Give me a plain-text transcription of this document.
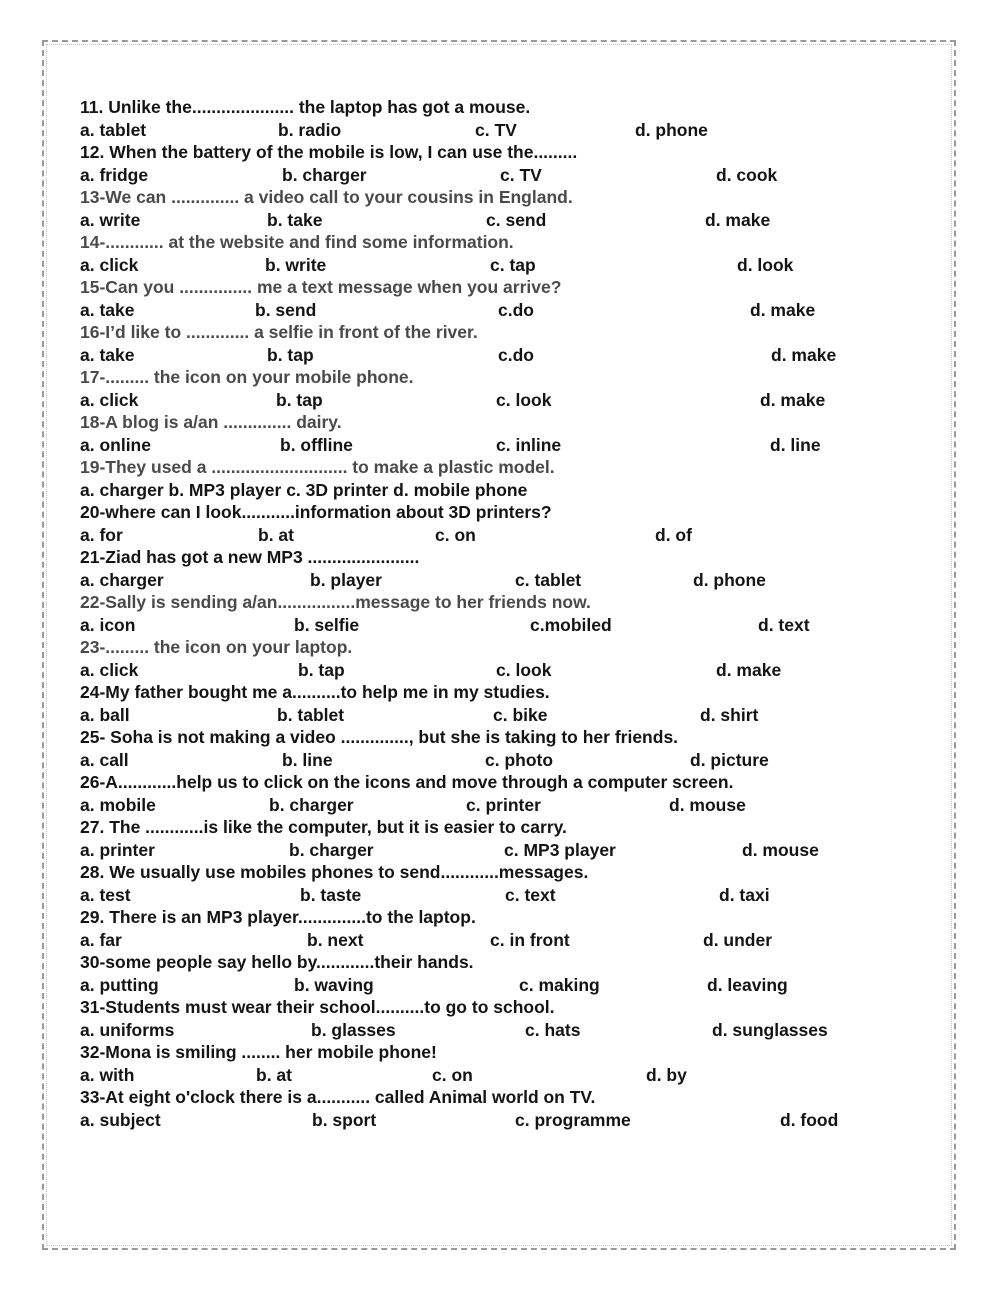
11. Unlike the..................... the laptop has got a mouse.
a. tablet	b. radio	c. TV	d. phone
12. When the battery of the mobile is low, I can use the.........
a. fridge	b. charger	c. TV	d. cook
13-We can .............. a video call to your cousins in England.
a. write	b. take	c. send	d. make
14-............ at the website and find some information.
a. click	b. write	c. tap	d. look
15-Can you ............... me a text message when you arrive?
a. take	b. send	c.do	d. make
16-I’d like to ............. a selfie in front of the river.
a. take	b. tap	c.do	d. make
17-......... the icon on your mobile phone.
a. click	b. tap	c. look	d. make
18-A blog is a/an .............. dairy.
a. online	b. offline	c. inline	d. line
19-They used a ............................ to make a plastic model.
a. charger b. MP3 player c. 3D printer d. mobile phone
20-where can I look...........information about 3D printers?
a. for	b. at	c. on	d. of
21-Ziad has got a new MP3 .......................
a. charger	b. player	c. tablet	d. phone
22-Sally is sending a/an................message to her friends now.
a. icon	b. selfie	c.mobiled	d. text
23-......... the icon on your laptop.
a. click	b. tap	c. look	d. make
24-My father bought me a..........to help me in my studies.
a. ball	b. tablet	c. bike	d. shirt
25- Soha is not making a video .............., but she is taking to her friends.
a. call	b. line	c. photo	d. picture
26-A............help us to click on the icons and move through a computer screen.
a. mobile	b. charger	c. printer	d. mouse
27. The ............is like the computer, but it is easier to carry.
a. printer	b. charger	c. MP3 player	d. mouse
28. We usually use mobiles phones to send............messages.
a. test	b. taste	c. text	d. taxi
29. There is an MP3 player..............to the laptop.
a. far	b. next	c. in front	d. under
30-some people say hello by............their hands.
a. putting	b. waving	c. making	d. leaving
31-Students must wear their school..........to go to school.
a. uniforms	b. glasses	c. hats	d. sunglasses
32-Mona is smiling ........ her mobile phone!
a. with	b. at	c. on	d. by
33-At eight o'clock there is a........... called Animal world on TV.
a. subject	b. sport	c. programme	d. food
